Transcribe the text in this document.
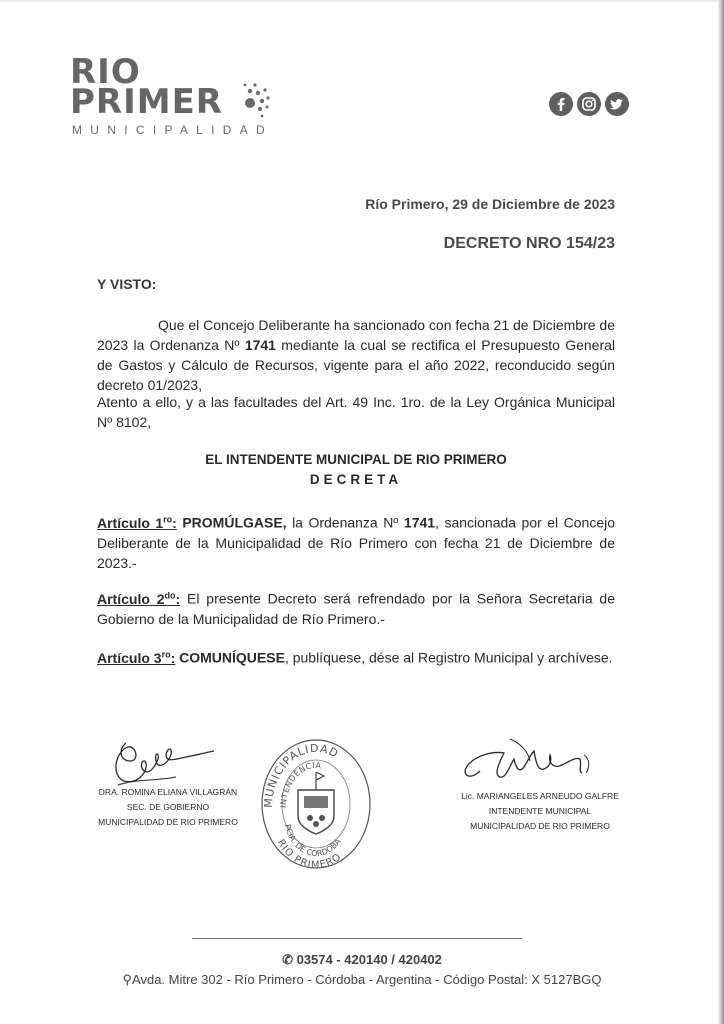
RIO
PRIMER
MUNICIPALIDAD
Río Primero, 29 de Diciembre de 2023
DECRETO NRO 154/23
Y VISTO:
Que el Concejo Deliberante ha sancionado con fecha 21 de Diciembre de 2023 la Ordenanza Nº 1741 mediante la cual se rectifica el Presupuesto General de Gastos y Cálculo de Recursos, vigente para el año 2022, reconducido según decreto 01/2023,
Atento a ello, y a las facultades del Art. 49 Inc. 1ro. de la Ley Orgánica Municipal Nº 8102,
EL INTENDENTE MUNICIPAL DE RIO PRIMERO
DECRETA
Artículo $1^{ro}$: PROMÚLGASE, la Ordenanza Nº 1741, sancionada por el Concejo Deliberante de la Municipalidad de Río Primero con fecha 21 de Diciembre de 2023.-
Artículo $2^{do}$: El presente Decreto será refrendado por la Señora Secretaria de Gobierno de la Municipalidad de Río Primero.-
Artículo $3^{ro}$: COMUNÍQUESE, publíquese, dése al Registro Municipal y archívese.
DRA. ROMINA ELIANA VILLAGRÁN
SEC. DE GOBIERNO
MUNICIPALIDAD DE RIO PRIMERO
MUNICIPALIDAD
INTENDENCIA
PCIA. DE CORDOBA
RIO PRIMERO
Lic. MARIANGELES ARNEUDO GALFRE
INTENDENTE MUNICIPAL
MUNICIPALIDAD DE RIO PRIMERO
✆ 03574 - 420140 / 420402
⚲Avda. Mitre 302 - Río Primero - Córdoba - Argentina - Código Postal: X 5127BGQ
